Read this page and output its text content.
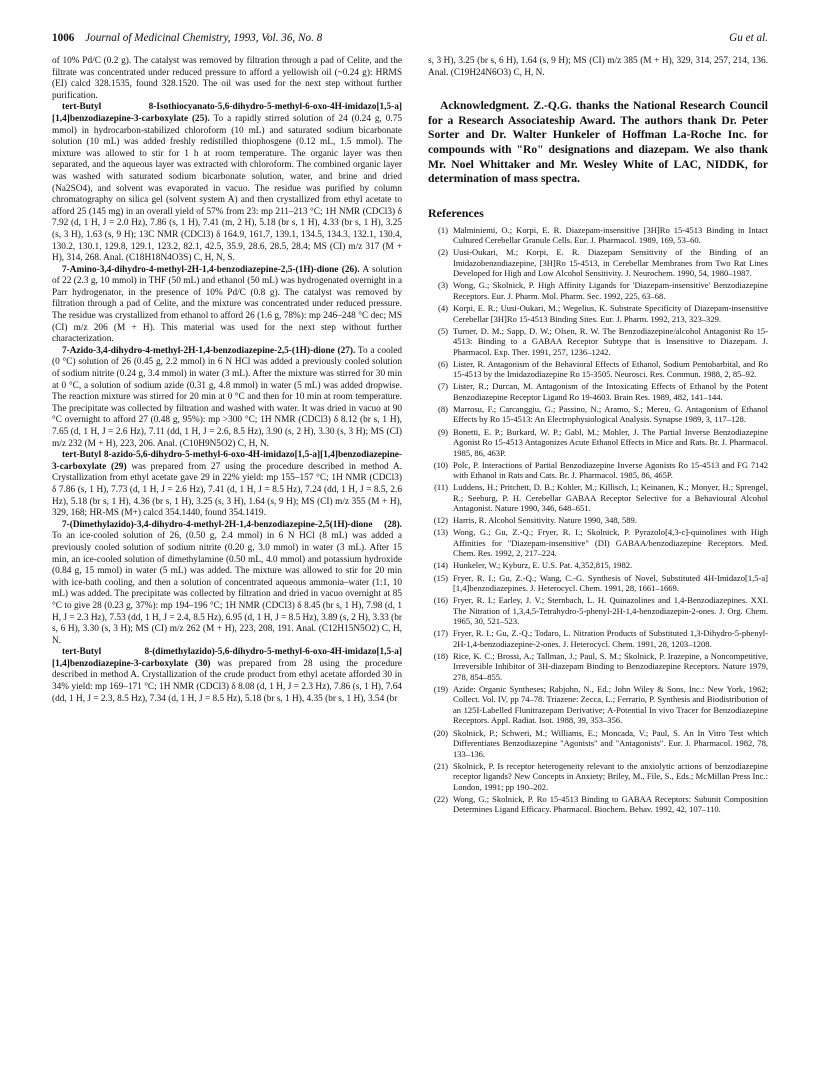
1006 Journal of Medicinal Chemistry, 1993, Vol. 36, No. 8	Gu et al.

of 10% Pd/C (0.2 g). The catalyst was removed by filtration through a pad of Celite, and the filtrate was concentrated under reduced pressure to afford a yellowish oil (~0.24 g): HRMS (EI) calcd 328.1535, found 328.1520. The oil was used for the next step without further purification.

tert-Butyl 8-Isothiocyanato-5,6-dihydro-5-methyl-6-oxo-4H-imidazo[1,5-a][1,4]benzodiazepine-3-carboxylate (25). To a rapidly stirred solution of 24 (0.24 g, 0.75 mmol) in hydrocarbon-stabilized chloroform (10 mL) and saturated sodium bicarbonate solution (10 mL) was added freshly redistilled thiophosgene (0.12 mL, 1.5 mmol). The mixture was allowed to stir for 1 h at room temperature. The organic layer was then separated, and the aqueous layer was extracted with chloroform. The combined organic layer was washed with saturated sodium bicarbonate solution, water, and brine and dried (Na2SO4), and solvent was evaporated in vacuo. The residue was purified by column chromatography on silica gel (solvent system A) and then crystallized from ethyl acetate to afford 25 (145 mg) in an overall yield of 57% from 23: mp 211–213 °C; 1H NMR (CDCl3) δ 7.92 (d, 1 H, J = 2.0 Hz), 7.86 (s, 1 H), 7.41 (m, 2 H), 5.18 (br s, 1 H), 4.33 (br s, 1 H), 3.25 (s, 3 H), 1.63 (s, 9 H); 13C NMR (CDCl3) δ 164.9, 161.7, 139.1, 134.5, 134.3, 132.1, 130.4, 130.2, 130.1, 129.8, 129.1, 123.2, 82.1, 42.5, 35.9, 28.6, 28.5, 28.4; MS (CI) m/z 317 (M + H), 314, 268. Anal. (C18H18N4O3S) C, H, N, S.

7-Amino-3,4-dihydro-4-methyl-2H-1,4-benzodiazepine-2,5-(1H)-dione (26). A solution of 22 (2.3 g, 10 mmol) in THF (50 mL) and ethanol (50 mL) was hydrogenated overnight in a Parr hydrogenator, in the presence of 10% Pd/C (0.8 g). The catalyst was removed by filtration through a pad of Celite, and the mixture was concentrated under reduced pressure. The residue was crystallized from ethanol to afford 26 (1.6 g, 78%): mp 246–248 °C dec; MS (CI) m/z 206 (M + H). This material was used for the next step without further characterization.

7-Azido-3,4-dihydro-4-methyl-2H-1,4-benzodiazepine-2,5-(1H)-dione (27). To a cooled (0 °C) solution of 26 (0.45 g, 2.2 mmol) in 6 N HCl was added a previously cooled solution of sodium nitrite (0.24 g, 3.4 mmol) in water (3 mL). After the mixture was stirred for 30 min at 0 °C, a solution of sodium azide (0.31 g, 4.8 mmol) in water (5 mL) was added dropwise. The reaction mixture was stirred for 20 min at 0 °C and then for 10 min at room temperature. The precipitate was collected by filtration and washed with water. It was dried in vacuo at 90 °C overnight to afford 27 (0.48 g, 95%): mp >300 °C; 1H NMR (CDCl3) δ 8.12 (br s, 1 H), 7.65 (d, 1 H, J = 2.6 Hz), 7.11 (dd, 1 H, J = 2.6, 8.5 Hz), 3.90 (s, 2 H), 3.30 (s, 3 H); MS (CI) m/z 232 (M + H), 223, 206. Anal. (C10H9N5O2) C, H, N.

tert-Butyl 8-azido-5,6-dihydro-5-methyl-6-oxo-4H-imidazo[1,5-a][1,4]benzodiazepine-3-carboxylate (29) was prepared from 27 using the procedure described in method A. Crystallization from ethyl acetate gave 29 in 22% yield: mp 155–157 °C; 1H NMR (CDCl3) δ 7.86 (s, 1 H), 7.73 (d, 1 H, J = 2.6 Hz), 7.41 (d, 1 H, J = 8.5 Hz), 7.24 (dd, 1 H, J = 8.5, 2.6 Hz), 5.18 (br s, 1 H), 4.36 (br s, 1 H), 3.25 (s, 3 H), 1.64 (s, 9 H); MS (CI) m/z 355 (M + H), 329, 168; HR-MS (M+) calcd 354.1440, found 354.1419.

7-(Dimethylazido)-3,4-dihydro-4-methyl-2H-1,4-benzodiazepine-2,5(1H)-dione (28). To an ice-cooled solution of 26, (0.50 g, 2.4 mmol) in 6 N HCl (8 mL) was added a previously cooled solution of sodium nitrite (0.20 g, 3.0 mmol) in water (3 mL). After 15 min, an ice-cooled solution of dimethylamine (0.50 mL, 4.0 mmol) and potassium hydroxide (0.84 g, 15 mmol) in water (5 mL) was added. The mixture was allowed to stir for 20 min with ice-bath cooling, and then a solution of concentrated aqueous ammonia–water (1:1, 10 mL) was added. The precipitate was collected by filtration and dried in vacuo overnight at 85 °C to give 28 (0.23 g, 37%): mp 194–196 °C; 1H NMR (CDCl3) δ 8.45 (br s, 1 H), 7.98 (d, 1 H, J = 2.3 Hz), 7.53 (dd, 1 H, J = 2.4, 8.5 Hz), 6.95 (d, 1 H, J = 8.5 Hz), 3.89 (s, 2 H), 3.33 (br s, 6 H), 3.30 (s, 3 H); MS (CI) m/z 262 (M + H), 223, 208, 191. Anal. (C12H15N5O2) C, H, N.

tert-Butyl 8-(dimethylazido)-5,6-dihydro-5-methyl-6-oxo-4H-imidazo[1,5-a][1,4]benzodiazepine-3-carboxylate (30) was prepared from 28 using the procedure described in method A. Crystallization of the crude product from ethyl acetate afforded 30 in 34% yield: mp 169–171 °C; 1H NMR (CDCl3) δ 8.08 (d, 1 H, J = 2.3 Hz), 7.86 (s, 1 H), 7.64 (dd, 1 H, J = 2.3, 8.5 Hz), 7.34 (d, 1 H, J = 8.5 Hz), 5.18 (br s, 1 H), 4.35 (br s, 1 H), 3.54 (br

s, 3 H), 3.25 (br s, 6 H), 1.64 (s, 9 H); MS (CI) m/z 385 (M + H), 329, 314, 257, 214, 136. Anal. (C19H24N6O3) C, H, N.

Acknowledgment. Z.-Q.G. thanks the National Research Council for a Research Associateship Award. The authors thank Dr. Peter Sorter and Dr. Walter Hunkeler of Hoffman La-Roche Inc. for compounds with "Ro" designations and diazepam. We also thank Mr. Noel Whittaker and Mr. Wesley White of LAC, NIDDK, for determination of mass spectra.

References
(1) Malminiemi, O.; Korpi, E. R. Diazepam-insensitive [3H]Ro 15-4513 Binding in Intact Cultured Cerebellar Granule Cells. Eur. J. Pharmacol. 1989, 169, 53–60.
(2) Uusi-Oukari, M.; Korpi, E. R. Diazepam Sensitivity of the Binding of an Imidazobenzodiazepine, [3H]Ro 15-4513, in Cerebellar Membranes from Two Rat Lines Developed for High and Low Alcohol Sensitivity. J. Neurochem. 1990, 54, 1980–1987.
(3) Wong, G.; Skolnick, P. High Affinity Ligands for 'Diazepam-insensitive' Benzodiazepine Receptors. Eur. J. Pharm. Mol. Pharm. Sec. 1992, 225, 63–68.
(4) Korpi, E. R.; Uusi-Oukari, M.; Wegelius, K. Substrate Specificity of Diazepam-insensitive Cerebellar [3H]Ro 15-4513 Binding Sites. Eur. J. Pharm. 1992, 213, 323–329.
(5) Turner, D. M.; Sapp, D. W.; Olsen, R. W. The Benzodiazepine/alcohol Antagonist Ro 15-4513: Binding to a GABAA Receptor Subtype that is Insensitive to Diazepam. J. Pharmacol. Exp. Ther. 1991, 257, 1236–1242.
(6) Lister, R. Antagonism of the Behavioral Effects of Ethanol, Sodium Pentobarbital, and Ro 15-4513 by the Imidazodiazepine Ro 15-3505. Neurosci. Res. Commun. 1988, 2, 85–92.
(7) Lister, R.; Durcan, M. Antagonism of the Intoxicating Effects of Ethanol by the Potent Benzodiazepine Receptor Ligand Ro 19-4603. Brain Res. 1989, 482, 141–144.
(8) Marrosu, F.; Carcanggiu, G.; Passino, N.; Aramo, S.; Mereu, G. Antagonism of Ethanol Effects by Ro 15-4513: An Electrophysiological Analysis. Synapse 1989, 3, 117–128.
(9) Bonetti, E. P.; Burkard, W. P.; Gabl, M.; Mohler, J. The Partial Inverse Benzodiazepine Agonist Ro 15-4513 Antagonizes Acute Ethanol Effects in Mice and Rats. Br. J. Pharmacol. 1985, 86, 463P.
(10) Polc, P. Interactions of Partial Benzodiazepine Inverse Agonists Ro 15-4513 and FG 7142 with Ethanol in Rats and Cats. Br. J. Pharmacol. 1985, 86, 465P.
(11) Luddens, H.; Pritchett, D. B.; Kohler, M.; Killisch, I.; Keinanen, K.; Monyer, H.; Sprengel, R.; Seeburg, P. H. Cerebellar GABAA Receptor Selective for a Behavioural Alcohol Antagonist. Nature 1990, 346, 648–651.
(12) Harris, R. Alcohol Sensitivity. Nature 1990, 348, 589.
(13) Wong, G.; Gu, Z.-Q.; Fryer, R. I.; Skolnick, P. Pyrazolo[4,3-c]-quinolines with High Affinities for "Diazepam-insensitive" (DI) GABAA/benzodiazepine Receptors. Med. Chem. Res. 1992, 2, 217–224.
(14) Hunkeler, W.; Kyburz, E. U.S. Pat. 4,352,815, 1982.
(15) Fryer, R. I.; Gu, Z.-Q.; Wang, C.-G. Synthesis of Novel, Substituted 4H-Imidazo[1,5-a][1,4]benzodiazepines. J. Heterocycl. Chem. 1991, 28, 1661–1669.
(16) Fryer, R. I.; Earley, J. V.; Sternbach, L. H. Quinazolines and 1,4-Benzodiazepines. XXI. The Nitration of 1,3,4,5-Tetrahydro-5-phenyl-2H-1,4-benzodiazepin-2-ones. J. Org. Chem. 1965, 30, 521–523.
(17) Fryer, R. I.; Gu, Z.-Q.; Todaro, L. Nitration Products of Substituted 1,3-Dihydro-5-phenyl-2H-1,4-benzodiazepine-2-ones. J. Heterocycl. Chem. 1991, 28, 1203–1208.
(18) Rice, K. C.; Brossi, A.; Tallman, J.; Paul, S. M.; Skolnick, P. Irazepine, a Noncompetitive, Irreversible Inhibitor of 3H-diazepam Binding to Benzodiazepine Receptors. Nature 1979, 278, 854–855.
(19) Azide: Organic Syntheses; Rabjohn, N., Ed.; John Wiley & Sons, Inc.: New York, 1962; Collect. Vol. IV, pp 74–78. Triazene: Zecca, L.; Ferrario, P. Synthesis and Biodistribution of an 125I-Labelled Flunitrazepam Derivative; A-Potential In vivo Tracer for Benzodiazepine Receptors. Appl. Radiat. Isot. 1988, 39, 353–356.
(20) Skolnick, P.; Schweri, M.; Williams, E.; Moncada, V.; Paul, S. An In Vitro Test which Differentiates Benzodiazepine "Agonists" and "Antagonists". Eur. J. Pharmacol. 1982, 78, 133–136.
(21) Skolnick, P. Is receptor heterogeneity relevant to the anxiolytic actions of benzodiazepine receptor ligands? New Concepts in Anxiety; Briley, M., File, S., Eds.; McMillan Press Inc.: London, 1991; pp 190–202.
(22) Wong, G.; Skolnick, P. Ro 15-4513 Binding to GABAA Receptors: Subunit Composition Determines Ligand Efficacy. Pharmacol. Biochem. Behav. 1992, 42, 107–110.
